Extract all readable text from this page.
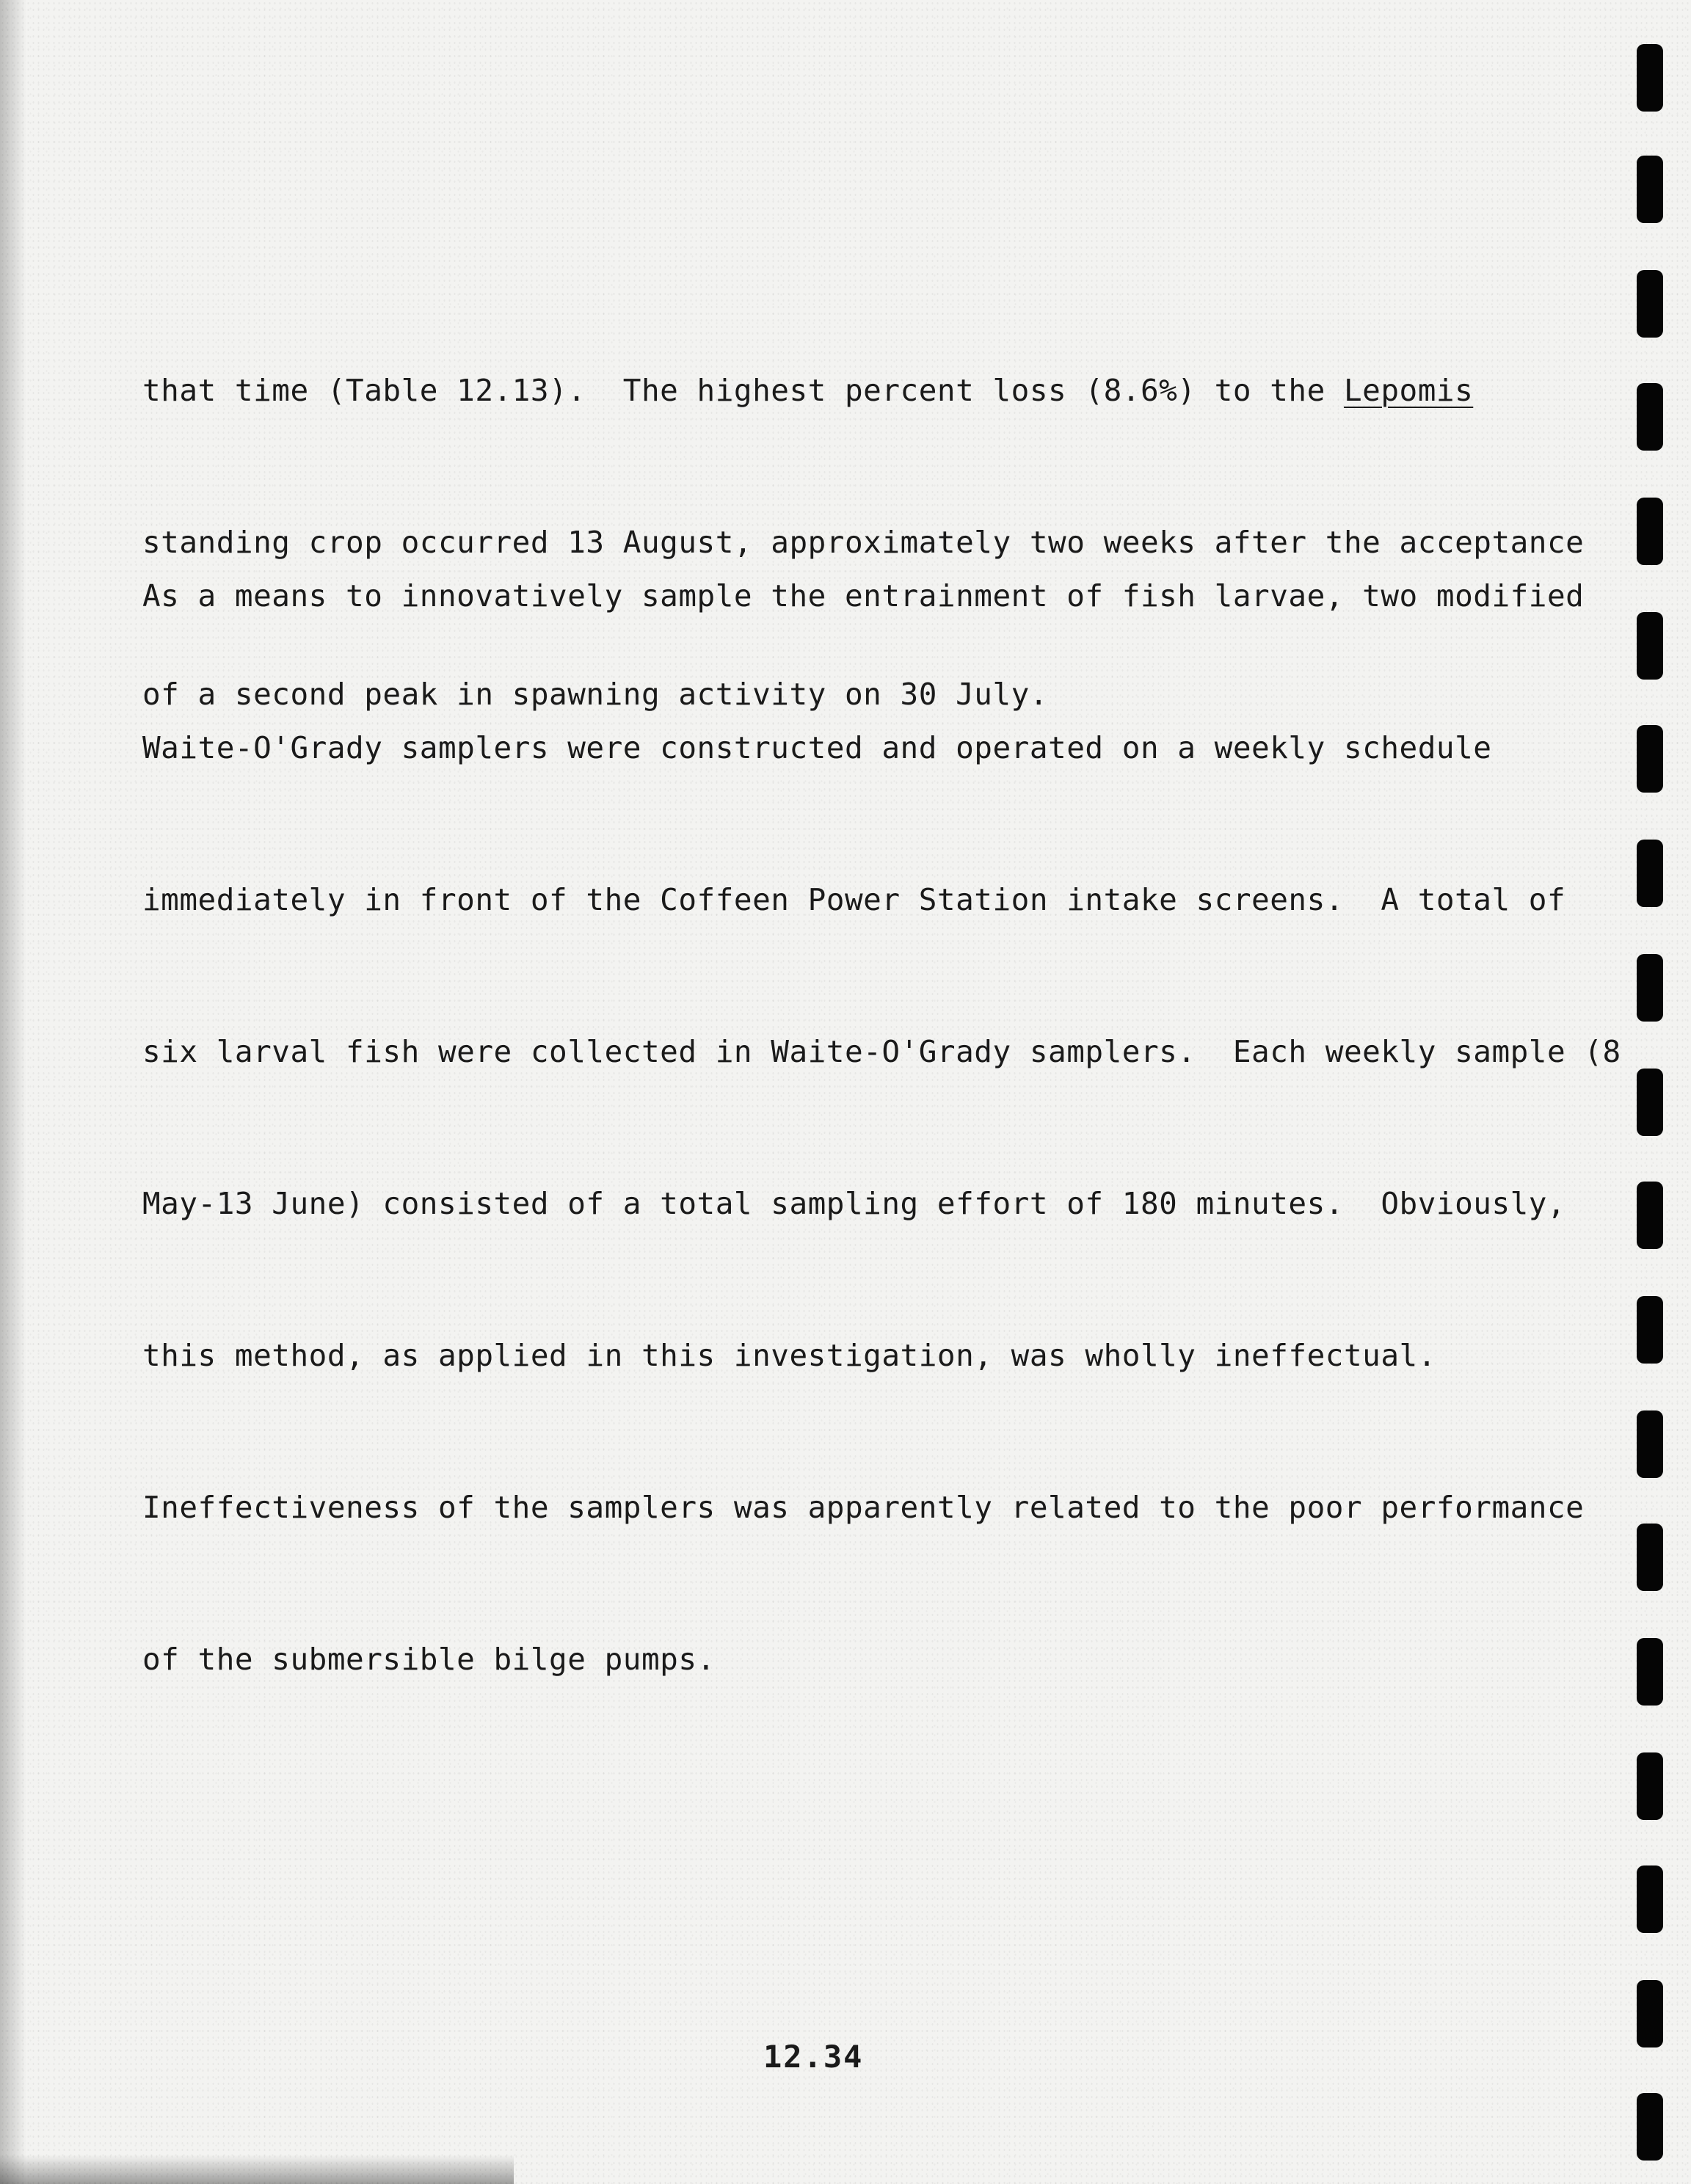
that time (Table 12.13).  The highest percent loss (8.6%) to the Lepomis

standing crop occurred 13 August, approximately two weeks after the acceptance

of a second peak in spawning activity on 30 July.

As a means to innovatively sample the entrainment of fish larvae, two modified

Waite-O'Grady samplers were constructed and operated on a weekly schedule

immediately in front of the Coffeen Power Station intake screens.  A total of

six larval fish were collected in Waite-O'Grady samplers.  Each weekly sample (8

May-13 June) consisted of a total sampling effort of 180 minutes.  Obviously,

this method, as applied in this investigation, was wholly ineffectual.

Ineffectiveness of the samplers was apparently related to the poor performance

of the submersible bilge pumps.

12.34
